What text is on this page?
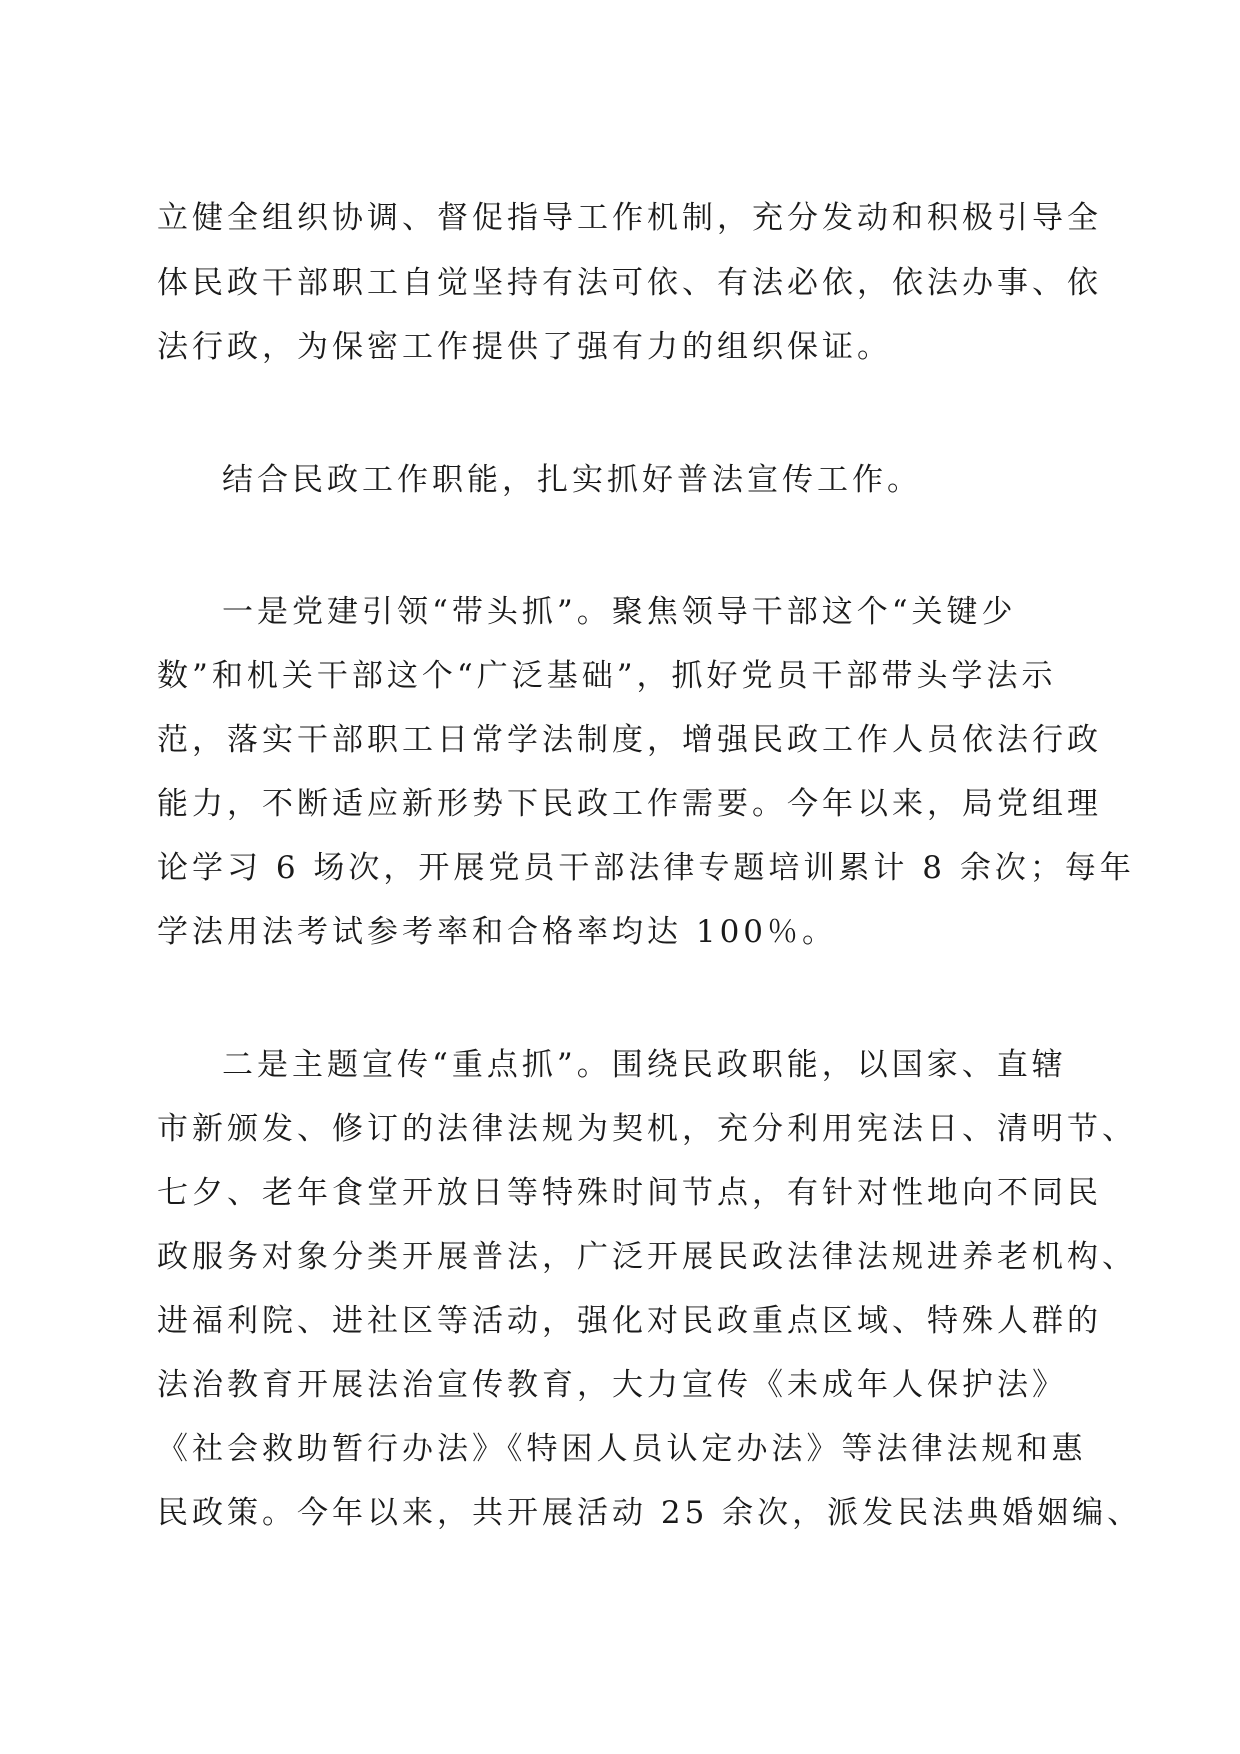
立健全组织协调、督促指导工作机制，充分发动和积极引导全
体民政干部职工自觉坚持有法可依、有法必依，依法办事、依
法行政，为保密工作提供了强有力的组织保证。
结合民政工作职能，扎实抓好普法宣传工作。
一是党建引领“带头抓”。聚焦领导干部这个“关键少
数”和机关干部这个“广泛基础”，抓好党员干部带头学法示
范，落实干部职工日常学法制度，增强民政工作人员依法行政
能力，不断适应新形势下民政工作需要。今年以来，局党组理
论学习 6 场次，开展党员干部法律专题培训累计 8 余次；每年
学法用法考试参考率和合格率均达 100％。
二是主题宣传“重点抓”。围绕民政职能，以国家、直辖
市新颁发、修订的法律法规为契机，充分利用宪法日、清明节、
七夕、老年食堂开放日等特殊时间节点，有针对性地向不同民
政服务对象分类开展普法，广泛开展民政法律法规进养老机构、
进福利院、进社区等活动，强化对民政重点区域、特殊人群的
法治教育开展法治宣传教育，大力宣传《未成年人保护法》
《社会救助暂行办法》《特困人员认定办法》等法律法规和惠
民政策。今年以来，共开展活动 25 余次，派发民法典婚姻编、
